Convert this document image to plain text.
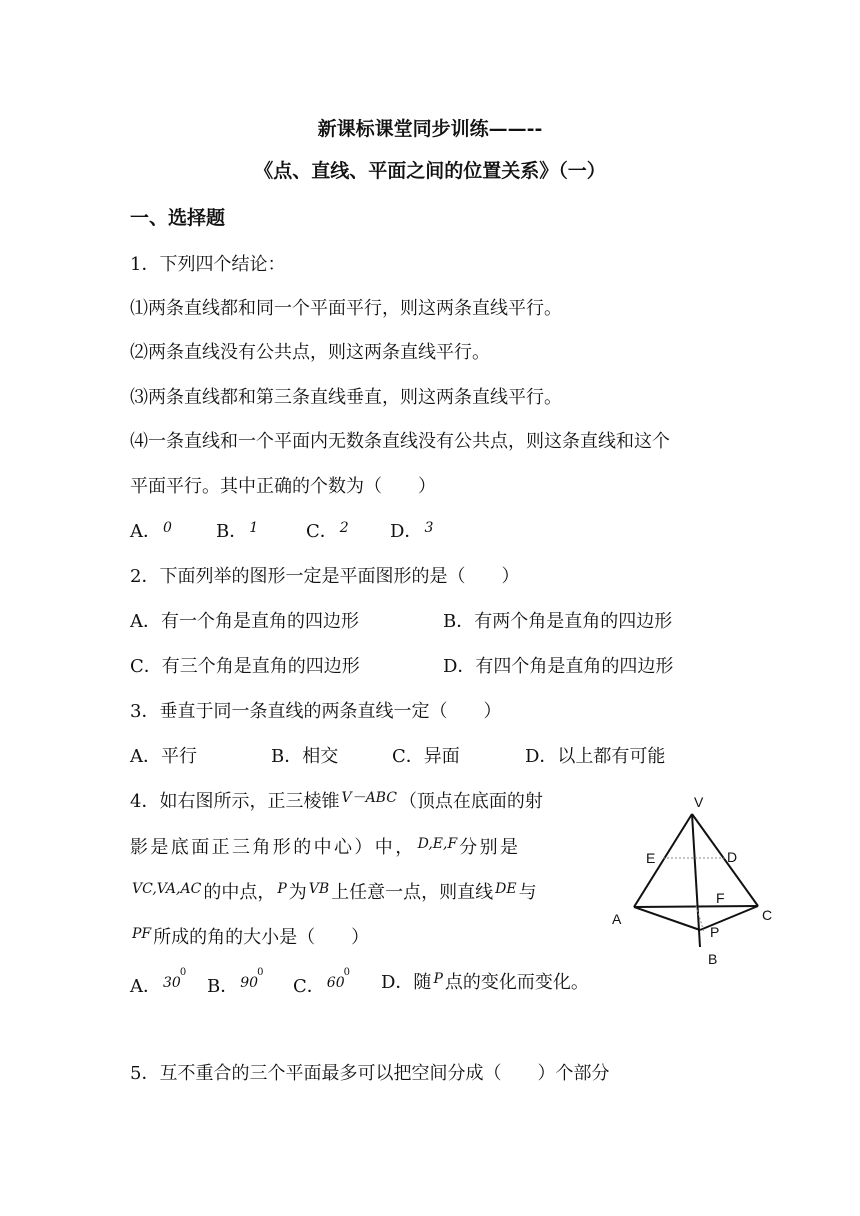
新课标课堂同步训练——--
《点、直线、平面之间的位置关系》（一）
一、选择题
1．下列四个结论：
⑴两条直线都和同一个平面平行，则这两条直线平行。
⑵两条直线没有公共点，则这两条直线平行。
⑶两条直线都和第三条直线垂直，则这两条直线平行。
⑷一条直线和一个平面内无数条直线没有公共点，则这条直线和这个
平面平行。其中正确的个数为（　　）
A． $^0$ B． $^1$	C． $^2$ D． $^3$
2．下面列举的图形一定是平面图形的是（　　）
A．有一个角是直角的四边形	B．有两个角是直角的四边形
C．有三个角是直角的四边形	D．有四个角是直角的四边形
3．垂直于同一条直线的两条直线一定（　　）
A．平行	B．相交	C．异面	D．以上都有可能
4．如右图所示，正三棱锥 $^{V-ABC}$ （顶点在底面的射
影是底面正三角形的中心）中， $^{D,E,F}$ 分别是
$^{VC,VA,AC}$ 的中点， $^P$ 为 $^{VB}$ 上任意一点，则直线 $^{DE}$ 与
$^{PF}$ 所成的角的大小是（　　）
A． $^{300}$
B． $^{900}$
C． $^{600}$ D．随 $^P$ 点的变化而变化。
V
E	D
F
A	C
P
B
5．互不重合的三个平面最多可以把空间分成（　　）个部分
